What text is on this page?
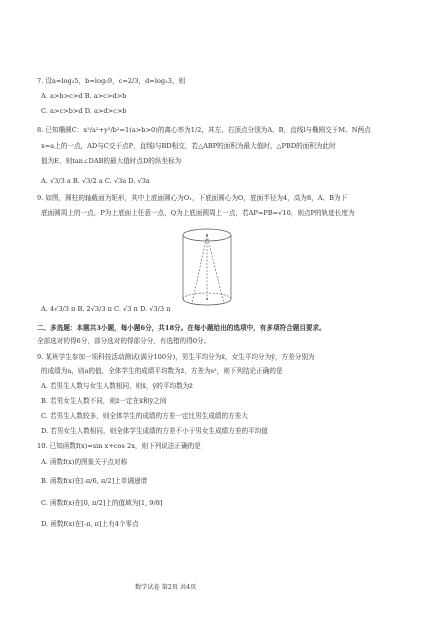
7. 设a=log₃5，b=log₅9，c=2/3，d=log₂3，则
A. a>b>c>d B. a>c>d>b
C. a>c>b>d D. a>d>c>b
8. 已知椭圆C：x²/a²+y²/b²=1(a>b>0)的离心率为1/2，其左、右顶点分别为A、B，直线l与椭圆交于M、N两点
x=a上的一点，AD与C交于点P，直线l与BD相交，若△ABP的面积为最大值时，△PBD的面积为此时
值为E，则tan∠DAB的最大值时点D的纵坐标为
A. √3/3 a B. √3/2 a C. √3a D. √3a
9. 如图，圆柱的轴截面为矩形，其中上底面圆心为O₁，下底面圆心为O，底面半径为4，高为8，A、B为下
底面圆周上的一点，P为上底面上任意一点，Q为上底面圆周上一点，若AP=PB=√10，则点P的轨迹长度为
A. 4√3/3 π B. 2√3/3 π C. √3 π D. √3/3 π
二、多选题：本题共3小题，每小题6分，共18分。在每小题给出的选项中，有多项符合题目要求。
全部选对的得6分，部分选对的得部分分，有选错的得0分。
9. 某班学生参加一项科技活动测试(满分100分)，男生平均分为x̄，女生平均分为ȳ，方差分别为
的成绩为a，则a的值，全体学生的成绩平均数为z̄，方差为s²，则下列结论正确的是
A. 若男生人数与女生人数相同，则x̄，ȳ的平均数为z̄
B. 若男女生人数不同，则z̄一定在x̄和ȳ之间
C. 若男生人数较多，则全体学生的成绩的方差一定比男生成绩的方差大
D. 若男女生人数相同，则全体学生成绩的方差不小于男女生成绩方差的平均值
10. 已知函数f(x)=sin x+cos 2x，则下列说法正确的是
A. 函数f(x)的图象关于点对称
B. 函数f(x)在[-π/6, π/2]上单调递增
C. 函数f(x)在[0, π/2]上的值域为[1, 9/8]
D. 函数f(x)在[-π, π]上有4个零点
数学试卷 第2页 共4页
